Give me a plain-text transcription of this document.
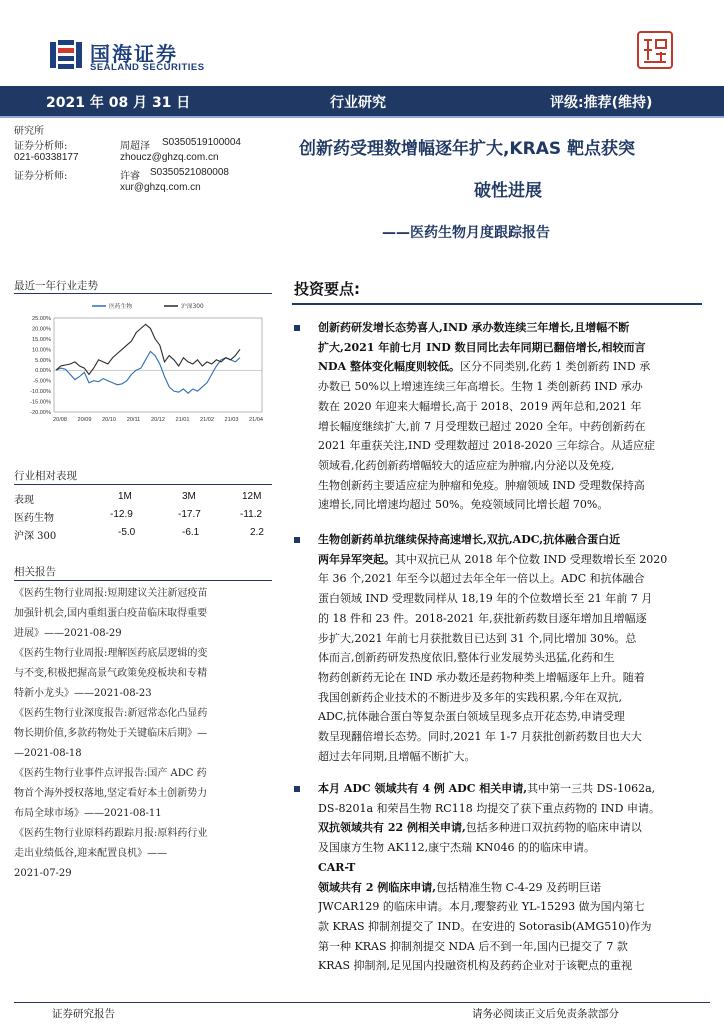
国海证券
SEALAND SECURITIES
2021 年 08 月 31 日	行业研究	评级:推荐(维持)
研究所
证券分析师:	周超泽 S0350519100004
021-60338177	zhoucz@ghzq.com.cn
证券分析师:	许睿 S0350521080008
xur@ghzq.com.cn
创新药受理数增幅逐年扩大,KRAS 靶点获突
破性进展
——医药生物月度跟踪报告
最近一年行业走势
医药生物	沪深300
25.00%
20.00%
15.00%
10.00%
5.00%
0.00%
-5.00%
-10.00%
-15.00%
-20.00%
20/08 20/09 20/10 20/11 20/12 21/01 21/02 21/03 21/04
行业相对表现
表现	1M	3M	12M
医药生物	-12.9	-17.7	-11.2
沪深 300	-5.0	-6.1	2.2
相关报告
《医药生物行业周报:短期建议关注新冠疫苗
加强针机会,国内重组蛋白疫苗临床取得重要
进展》——2021-08-29
《医药生物行业周报:理解医药底层逻辑的变
与不变,积极把握高景气政策免疫板块和专精
特新小龙头》——2021-08-23
《医药生物行业深度报告:新冠常态化凸显药
物长期价值,多款药物处于关键临床后期》—
—2021-08-18
《医药生物行业事件点评报告:国产 ADC 药
物首个海外授权落地,坚定看好本土创新势力
布局全球市场》——2021-08-11
《医药生物行业原料药跟踪月报:原料药行业
走出业绩低谷,迎来配置良机》——
2021-07-29
投资要点:
创新药研发增长态势喜人,IND 承办数连续三年增长,且增幅不断
扩大,2021 年前七月 IND 数目同比去年同期已翻倍增长,相较而言
NDA 整体变化幅度则较低。区分不同类别,化药 1 类创新药 IND 承
办数已 50%以上增速连续三年高增长。生物 1 类创新药 IND 承办
数在 2020 年迎来大幅增长,高于 2018、2019 两年总和,2021 年
增长幅度继续扩大,前 7 月受理数已超过 2020 全年。中药创新药在
2021 年重获关注,IND 受理数超过 2018-2020 三年综合。从适应症
领域看,化药创新药增幅较大的适应症为肿瘤,内分泌以及免疫,
生物创新药主要适应症为肿瘤和免疫。肿瘤领域 IND 受理数保持高
速增长,同比增速均超过 50%。免疫领域同比增长超 70%。
生物创新药单抗继续保持高速增长,双抗,ADC,抗体融合蛋白近
两年异军突起。其中双抗已从 2018 年个位数 IND 受理数增长至 2020
年 36 个,2021 年至今以超过去年全年一倍以上。ADC 和抗体融合
蛋白领域 IND 受理数同样从 18,19 年的个位数增长至 21 年前 7 月
的 18 件和 23 件。2018-2021 年,获批新药数目逐年增加且增幅逐
步扩大,2021 年前七月获批数目已达到 31 个,同比增加 30%。总
体而言,创新药研发热度依旧,整体行业发展势头迅猛,化药和生
物药创新药无论在 IND 承办数还是药物种类上增幅逐年上升。随着
我国创新药企业技术的不断进步及多年的实践积累,今年在双抗,
ADC,抗体融合蛋白等复杂蛋白领域呈现多点开花态势,申请受理
数呈现翻倍增长态势。同时,2021 年 1-7 月获批创新药数目也大大
超过去年同期,且增幅不断扩大。
本月 ADC 领域共有 4 例 ADC 相关申请,其中第一三共 DS-1062a,
DS-8201a 和荣昌生物 RC118 均提交了获下重点药物的 IND 申请。
双抗领域共有 22 例相关申请,包括多种进口双抗药物的临床申请以
及国康方生物 AK112,康宁杰瑞 KN046 的的临床申请。
CAR-T
领域共有 2 例临床申请,包括精准生物 C-4-29 及药明巨诺
JWCAR129 的临床申请。本月,璎黎药业 YL-15293 做为国内第七
款 KRAS 抑制剂提交了 IND。在安进的 Sotorasib(AMG510)作为
第一种 KRAS 抑制剂提交 NDA 后不到一年,国内已提交了 7 款
KRAS 抑制剂,足见国内投融资机构及药药企业对于该靶点的重视
证券研究报告	请务必阅读正文后免责条款部分
